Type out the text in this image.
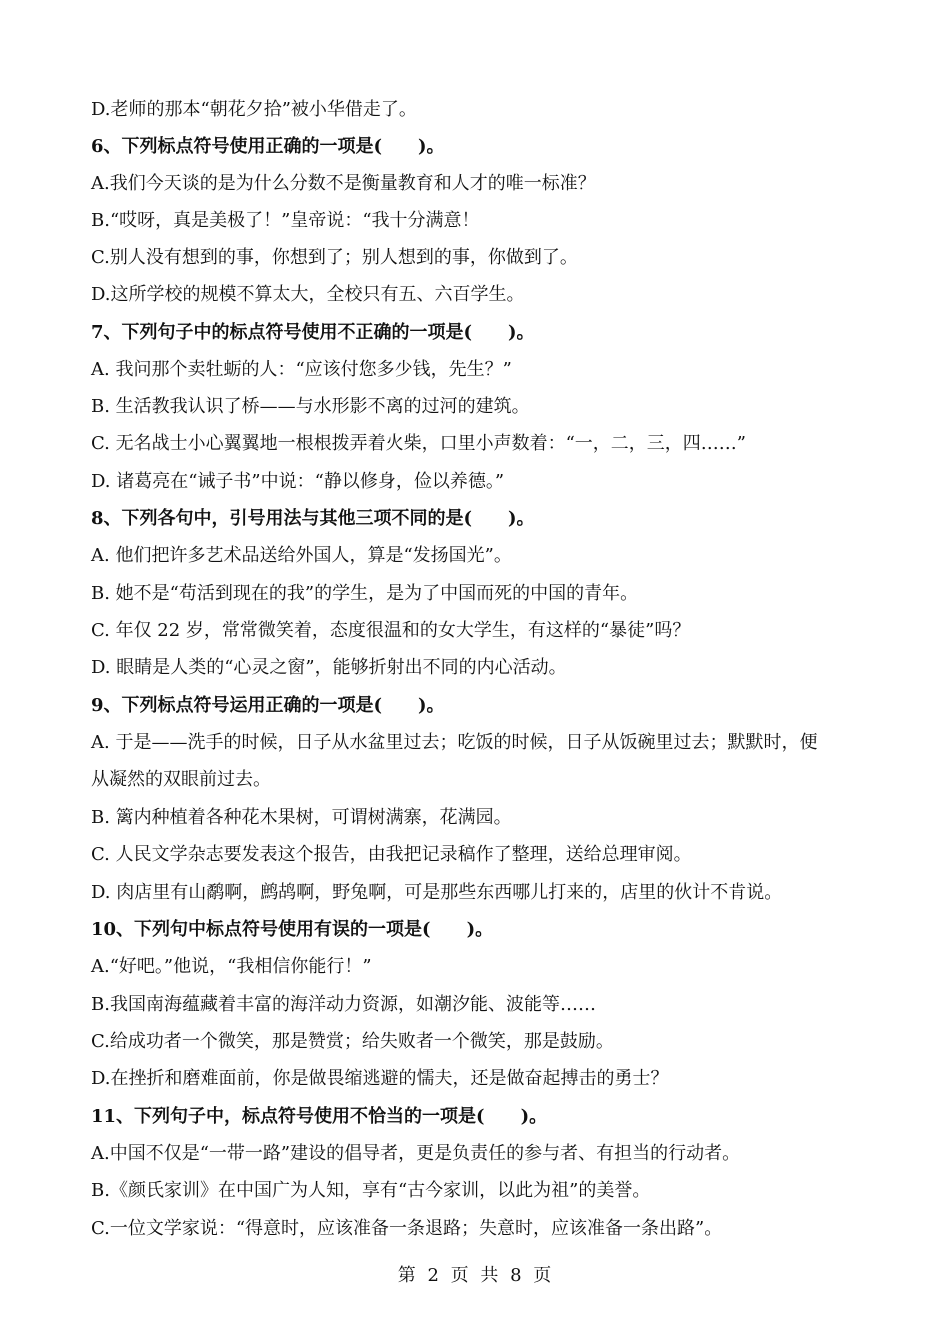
D.老师的那本“朝花夕拾”被小华借走了。
6、下列标点符号使用正确的一项是(　　)。
A.我们今天谈的是为什么分数不是衡量教育和人才的唯一标准？
B.“哎呀，真是美极了！”皇帝说：“我十分满意！
C.别人没有想到的事，你想到了；别人想到的事，你做到了。
D.这所学校的规模不算太大，全校只有五、六百学生。
7、下列句子中的标点符号使用不正确的一项是(　　)。
A. 我问那个卖牡蛎的人：“应该付您多少钱，先生？”
B. 生活教我认识了桥——与水形影不离的过河的建筑。
C. 无名战士小心翼翼地一根根拨弄着火柴，口里小声数着：“一，二，三，四……”
D. 诸葛亮在“诫子书”中说：“静以修身，俭以养德。”
8、下列各句中，引号用法与其他三项不同的是(　　)。
A. 他们把许多艺术品送给外国人，算是“发扬国光”。
B. 她不是“苟活到现在的我”的学生，是为了中国而死的中国的青年。
C. 年仅 22 岁，常常微笑着，态度很温和的女大学生，有这样的“暴徒”吗？
D. 眼睛是人类的“心灵之窗”，能够折射出不同的内心活动。
9、下列标点符号运用正确的一项是(　　)。
A. 于是——洗手的时候，日子从水盆里过去；吃饭的时候，日子从饭碗里过去；默默时，便
从凝然的双眼前过去。
B. 篱内种植着各种花木果树，可谓树满寨，花满园。
C. 人民文学杂志要发表这个报告，由我把记录稿作了整理，送给总理审阅。
D. 肉店里有山鹬啊，鹧鸪啊，野兔啊，可是那些东西哪儿打来的，店里的伙计不肯说。
10、下列句中标点符号使用有误的一项是(　　)。
A.“好吧。”他说，“我相信你能行！”
B.我国南海蕴藏着丰富的海洋动力资源，如潮汐能、波能等……
C.给成功者一个微笑，那是赞赏；给失败者一个微笑，那是鼓励。
D.在挫折和磨难面前，你是做畏缩逃避的懦夫，还是做奋起搏击的勇士？
11、下列句子中，标点符号使用不恰当的一项是(　　)。
A.中国不仅是“一带一路”建设的倡导者，更是负责任的参与者、有担当的行动者。
B.《颜氏家训》在中国广为人知，享有“古今家训，以此为祖”的美誉。
C.一位文学家说：“得意时，应该准备一条退路；失意时，应该准备一条出路”。
第 2 页 共 8 页
